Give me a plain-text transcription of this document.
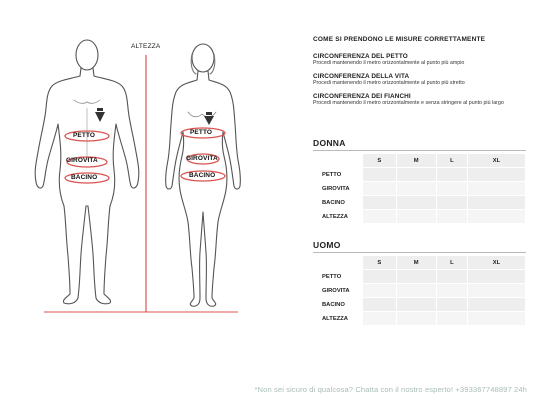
ALTEZZA
PETTO
GIROVITA
BACINO
PETTO
GIROVITA
BACINO
COME SI PRENDONO LE MISURE CORRETTAMENTE
CIRCONFERENZA DEL PETTO
Procedi mantenendo il metro orizzontalmente al punto più ampio
CIRCONFERENZA DELLA VITA
Procedi mantenendo il metro orizzontalmente al punto più stretto
CIRCONFERENZA DEI FIANCHI
Procedi mantenendo il metro orizzontalmente e senza stringere al punto più largo
DONNA
	S	M	L	XL
PETTO				
GIROVITA				
BACINO				
ALTEZZA				
UOMO
	S	M	L	XL
PETTO				
GIROVITA				
BACINO				
ALTEZZA				
*Non sei sicuro di qualcosa? Chatta con il nostro esperto! +393367748897 24h
